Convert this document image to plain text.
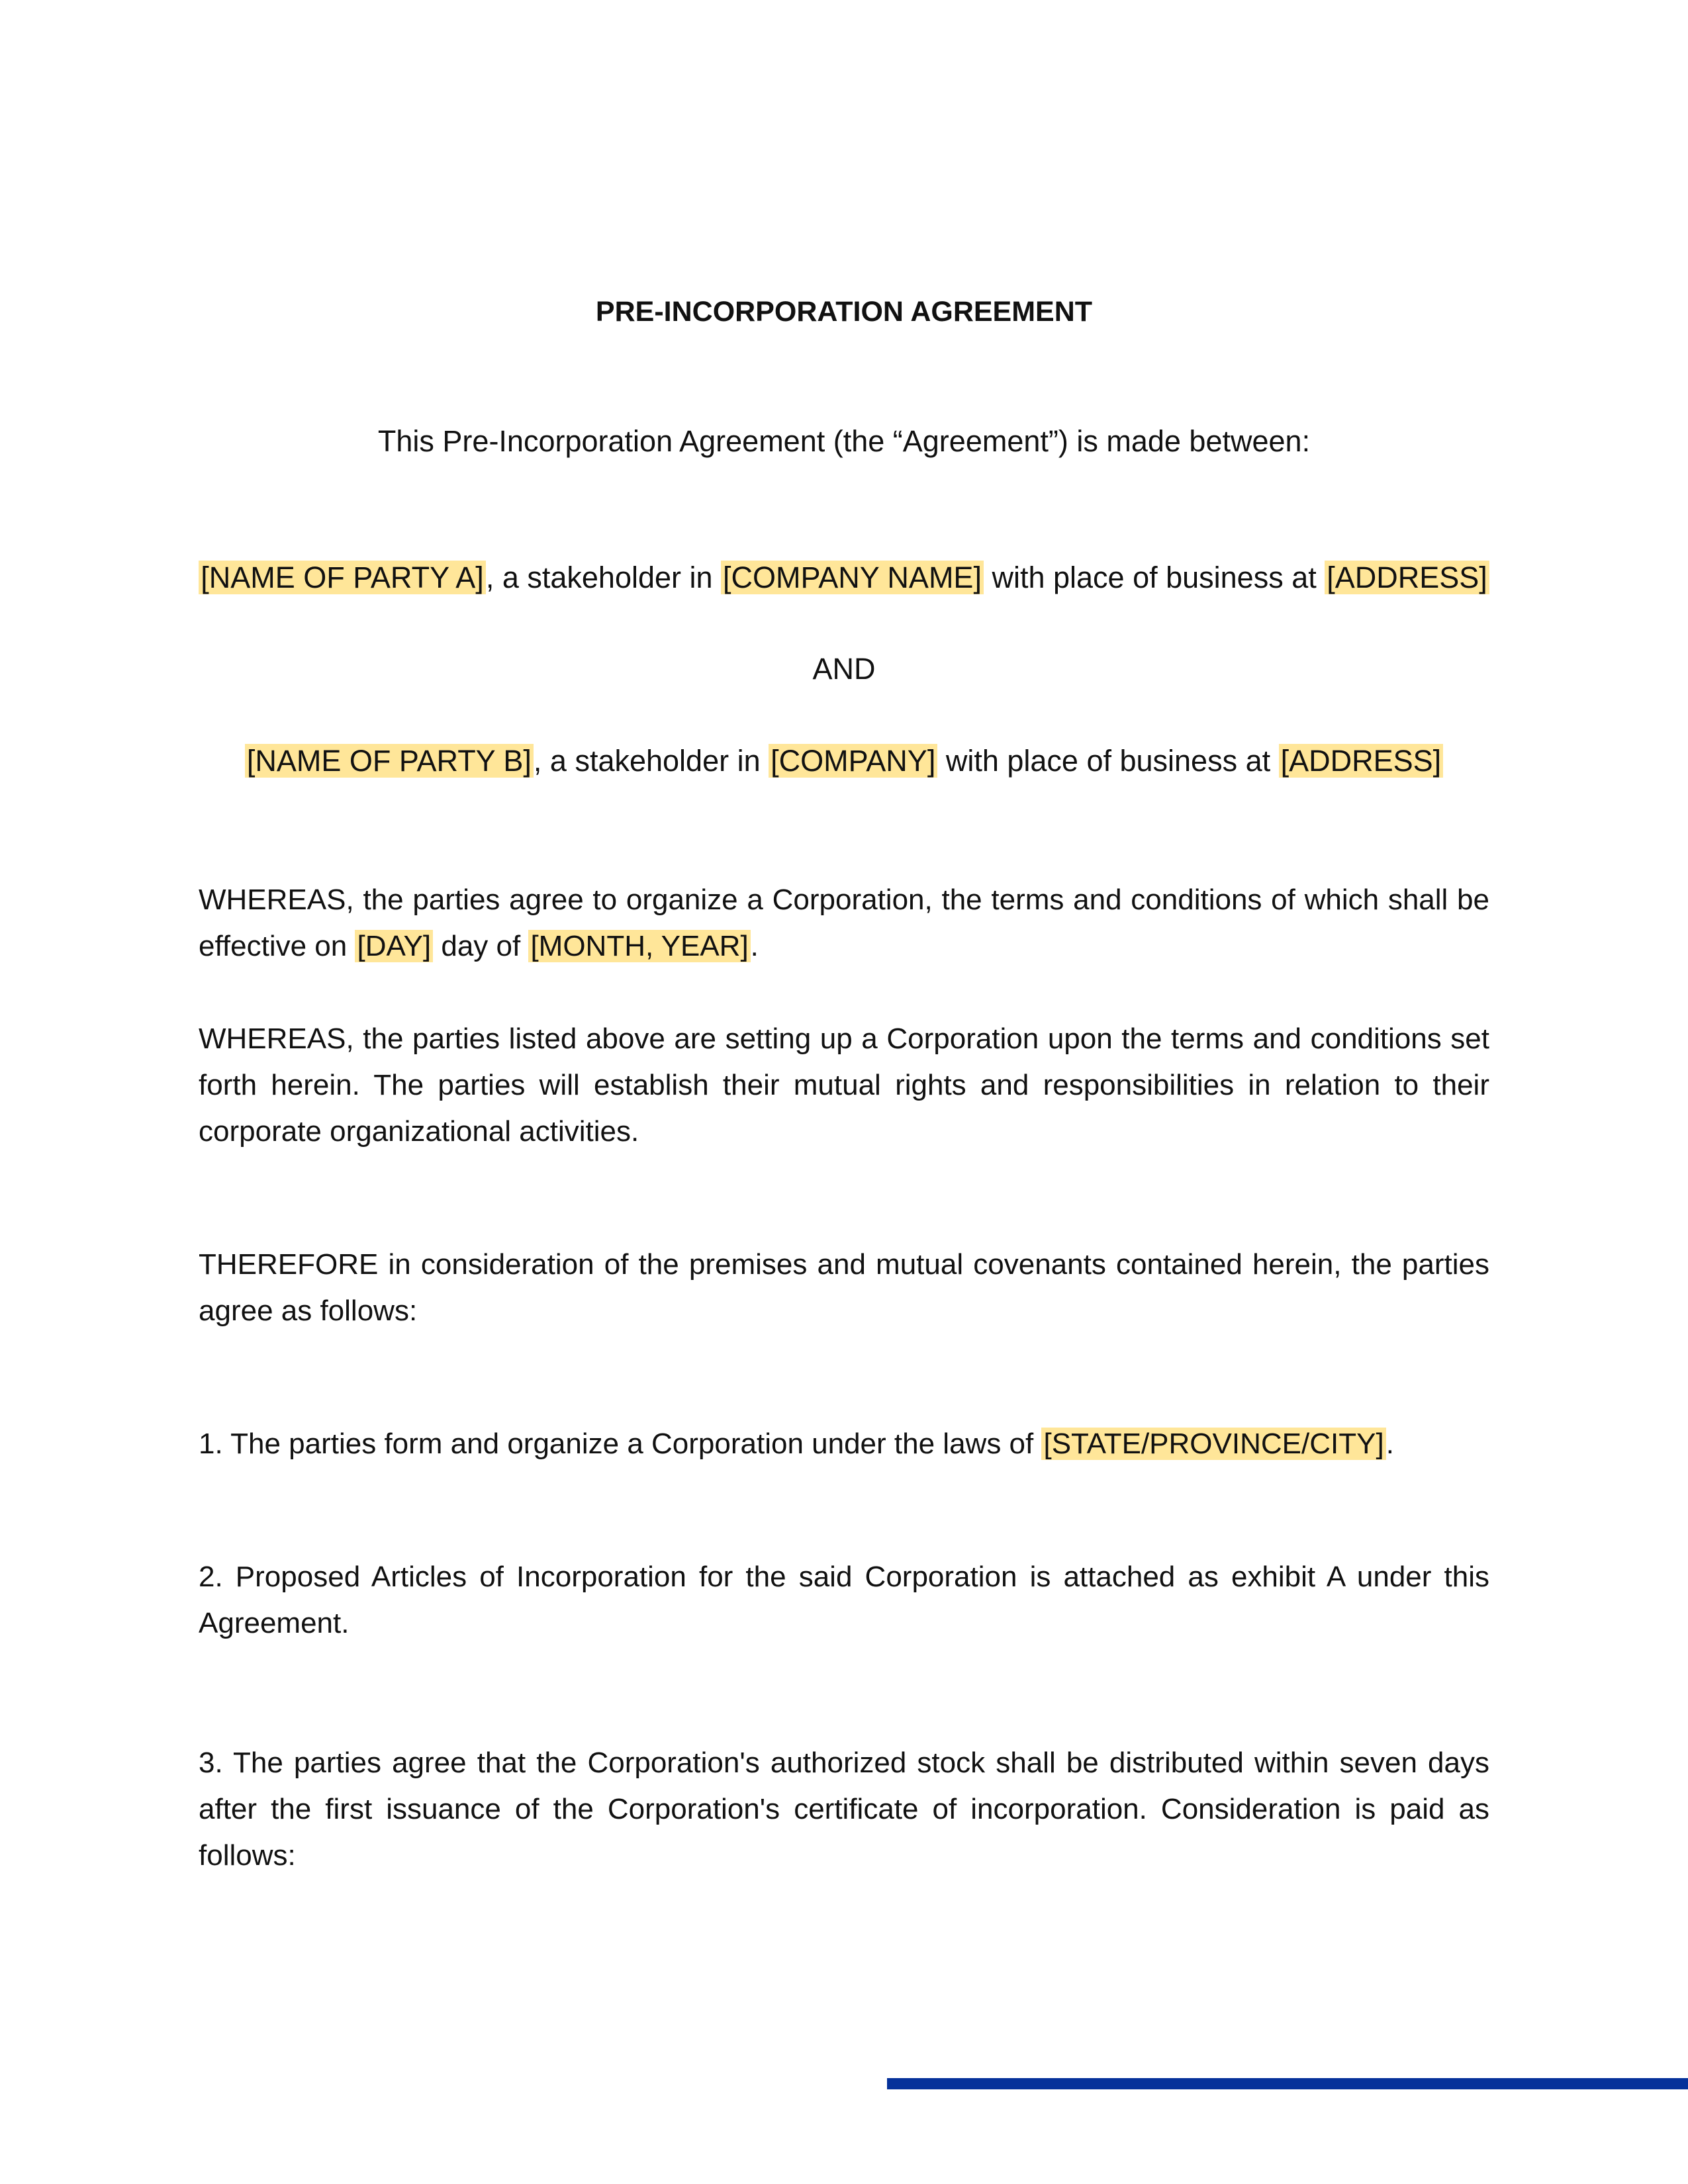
PRE-INCORPORATION AGREEMENT
This Pre-Incorporation Agreement (the “Agreement”) is made between:
[NAME OF PARTY A], a stakeholder in [COMPANY NAME] with place of business at [ADDRESS]
AND
[NAME OF PARTY B], a stakeholder in [COMPANY] with place of business at [ADDRESS]
WHEREAS, the parties agree to organize a Corporation, the terms and conditions of which shall be effective on [DAY] day of [MONTH, YEAR].
WHEREAS, the parties listed above are setting up a Corporation upon the terms and conditions set forth herein. The parties will establish their mutual rights and responsibilities in relation to their corporate organizational activities.
THEREFORE in consideration of the premises and mutual covenants contained herein, the parties agree as follows:
1. The parties form and organize a Corporation under the laws of [STATE/PROVINCE/CITY].
2. Proposed Articles of Incorporation for the said Corporation is attached as exhibit A under this Agreement.
3. The parties agree that the Corporation's authorized stock shall be distributed within seven days after the first issuance of the Corporation's certificate of incorporation. Consideration is paid as follows:
